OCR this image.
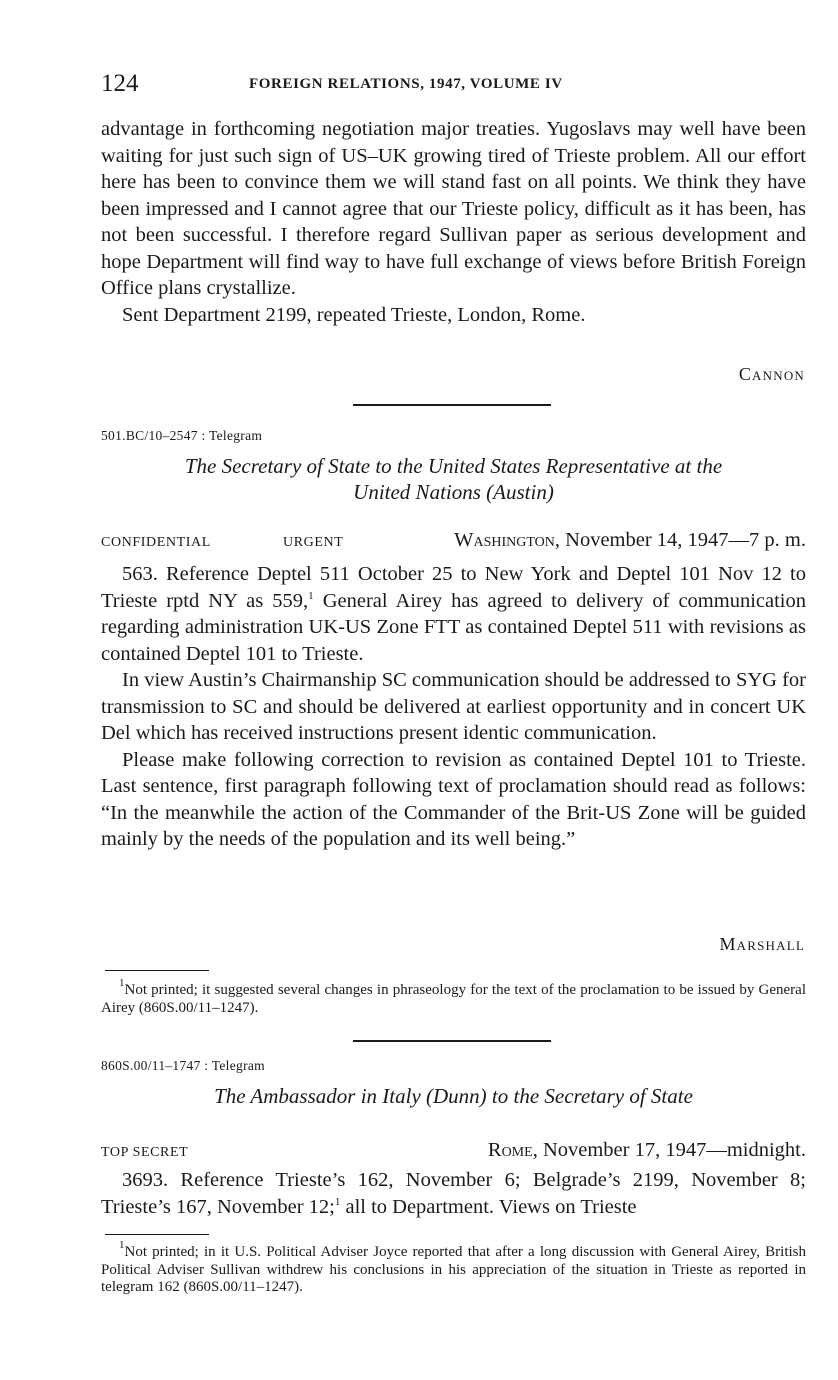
124	FOREIGN RELATIONS, 1947, VOLUME IV

advantage in forthcoming negotiation major treaties. Yugoslavs may well have been waiting for just such sign of US–UK growing tired of Trieste problem. All our effort here has been to convince them we will stand fast on all points. We think they have been impressed and I cannot agree that our Trieste policy, difficult as it has been, has not been successful. I therefore regard Sullivan paper as serious development and hope Department will find way to have full exchange of views before British Foreign Office plans crystallize.

Sent Department 2199, repeated Trieste, London, Rome.

Cannon
501.BC/10–2547 : Telegram
The Secretary of State to the United States Representative at the
United Nations (Austin)
CONFIDENTIAL	URGENT	Washington, November 14, 1947—7 p. m.

563. Reference Deptel 511 October 25 to New York and Deptel 101 Nov 12 to Trieste rptd NY as 559,$^1$ General Airey has agreed to delivery of communication regarding administration UK-US Zone FTT as contained Deptel 511 with revisions as contained Deptel 101 to Trieste.

In view Austin’s Chairmanship SC communication should be addressed to SYG for transmission to SC and should be delivered at earliest opportunity and in concert UK Del which has received instructions present identic communication.

Please make following correction to revision as contained Deptel 101 to Trieste. Last sentence, first paragraph following text of proclamation should read as follows: “In the meanwhile the action of the Commander of the Brit-US Zone will be guided mainly by the needs of the population and its well being.”

Marshall

$^1$Not printed; it suggested several changes in phraseology for the text of the proclamation to be issued by General Airey (860S.00/11–1247).

860S.00/11–1747 : Telegram
The Ambassador in Italy (Dunn) to the Secretary of State
TOP SECRET	Rome, November 17, 1947—midnight.

3693. Reference Trieste’s 162, November 6; Belgrade’s 2199, November 8; Trieste’s 167, November 12;$^1$ all to Department. Views on Trieste

$^1$Not printed; in it U.S. Political Adviser Joyce reported that after a long discussion with General Airey, British Political Adviser Sullivan withdrew his conclusions in his appreciation of the situation in Trieste as reported in telegram 162 (860S.00/11–1247).
